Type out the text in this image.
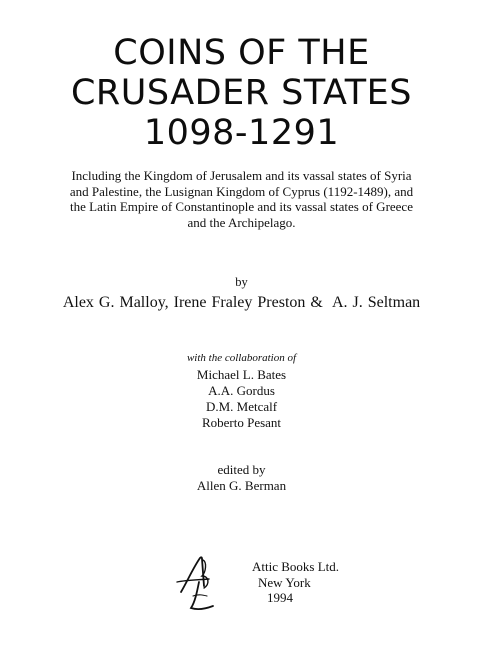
COINS OF THE
CRUSADER STATES
1098-1291
Including the Kingdom of Jerusalem and its vassal states of Syria
and Palestine, the Lusignan Kingdom of Cyprus (1192-1489), and
the Latin Empire of Constantinople and its vassal states of Greece
and the Archipelago.
by
Alex G. Malloy, Irene Fraley Preston &  A. J. Seltman
with the collaboration of
Michael L. Bates
A.A. Gordus
D.M. Metcalf
Roberto Pesant
edited by
Allen G. Berman
Attic Books Ltd.
New York
1994
